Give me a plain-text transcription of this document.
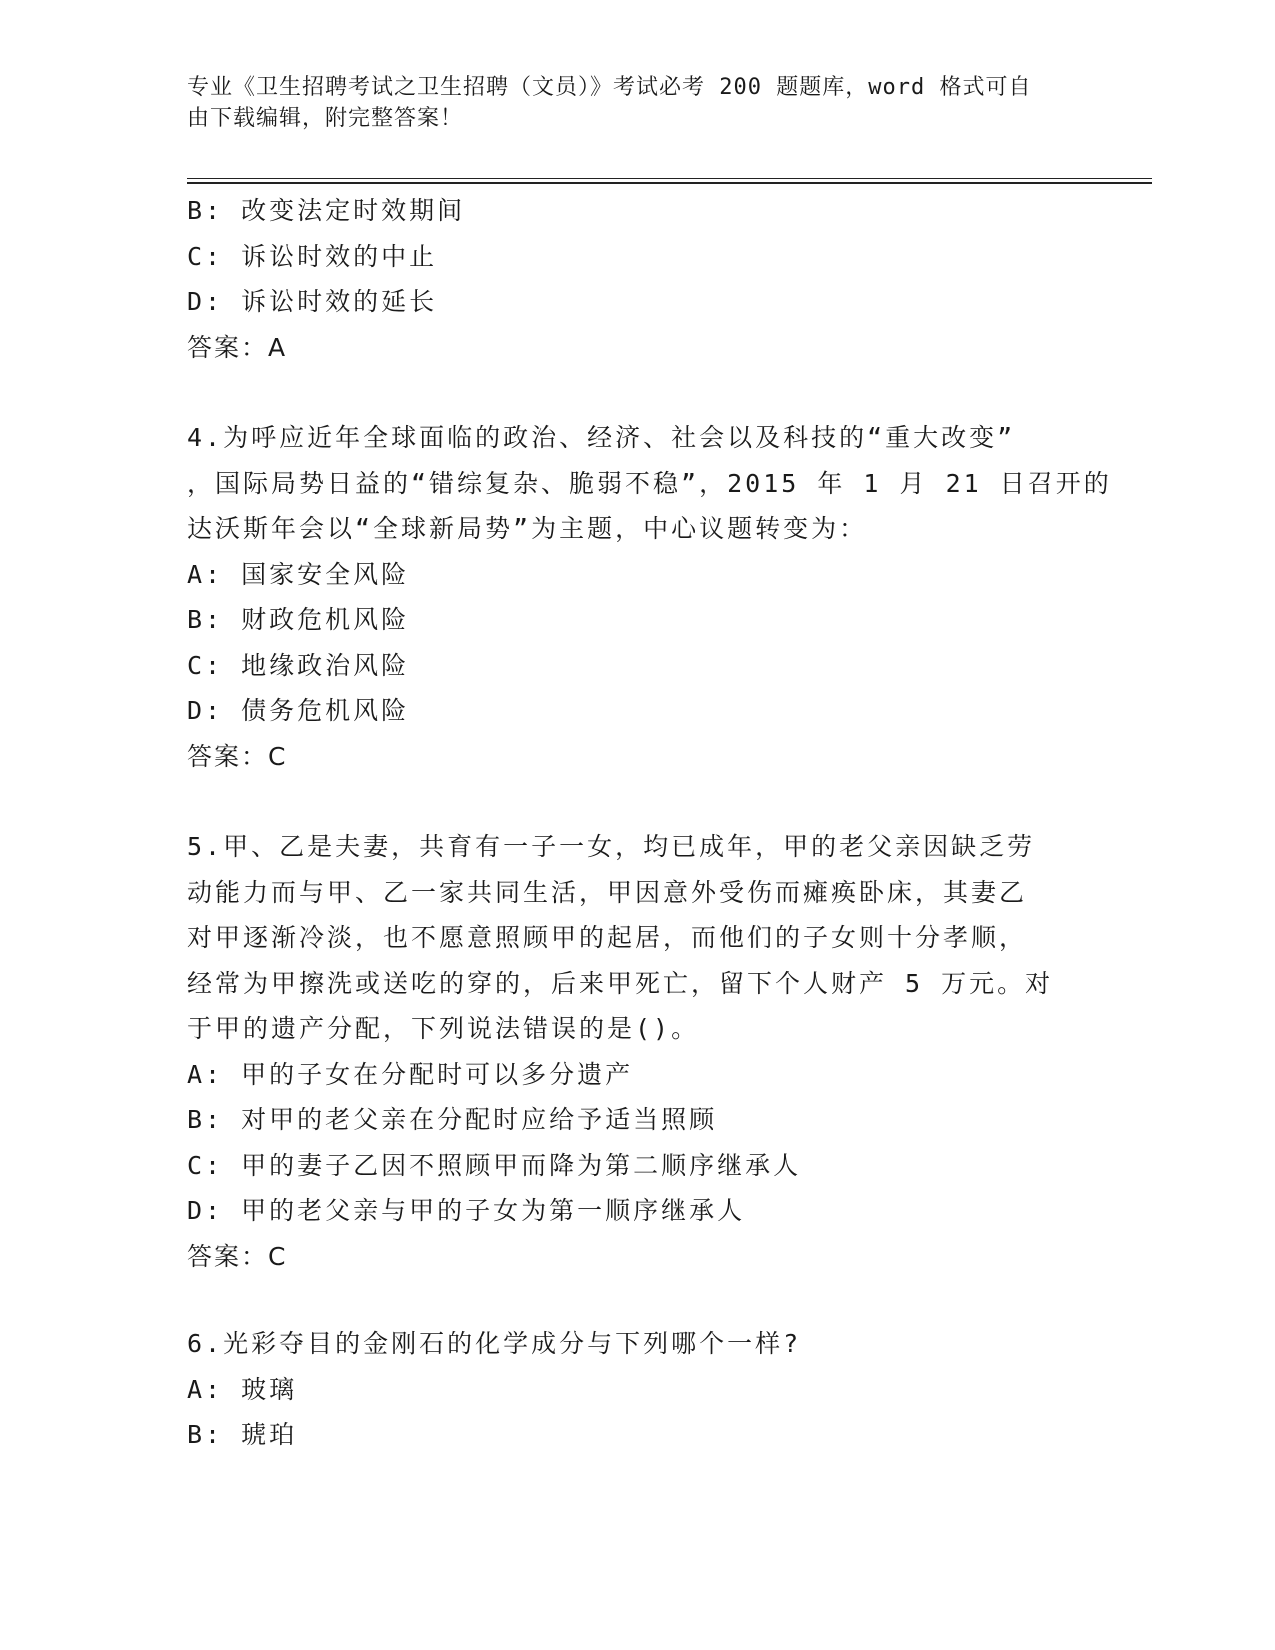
专业《卫生招聘考试之卫生招聘（文员）》考试必考 200 题题库，word 格式可自
由下载编辑，附完整答案！
B: 改变法定时效期间
C: 诉讼时效的中止
D: 诉讼时效的延长
答案：A
4.为呼应近年全球面临的政治、经济、社会以及科技的“重大改变”
，国际局势日益的“错综复杂、脆弱不稳”，2015 年 1 月 21 日召开的
达沃斯年会以“全球新局势”为主题，中心议题转变为：
A: 国家安全风险
B: 财政危机风险
C: 地缘政治风险
D: 债务危机风险
答案：C
5.甲、乙是夫妻，共育有一子一女，均已成年，甲的老父亲因缺乏劳
动能力而与甲、乙一家共同生活，甲因意外受伤而瘫痪卧床，其妻乙
对甲逐渐冷淡，也不愿意照顾甲的起居，而他们的子女则十分孝顺，
经常为甲擦洗或送吃的穿的，后来甲死亡，留下个人财产 5 万元。对
于甲的遗产分配，下列说法错误的是()。
A: 甲的子女在分配时可以多分遗产
B: 对甲的老父亲在分配时应给予适当照顾
C: 甲的妻子乙因不照顾甲而降为第二顺序继承人
D: 甲的老父亲与甲的子女为第一顺序继承人
答案：C
6.光彩夺目的金刚石的化学成分与下列哪个一样?
A: 玻璃
B: 琥珀
